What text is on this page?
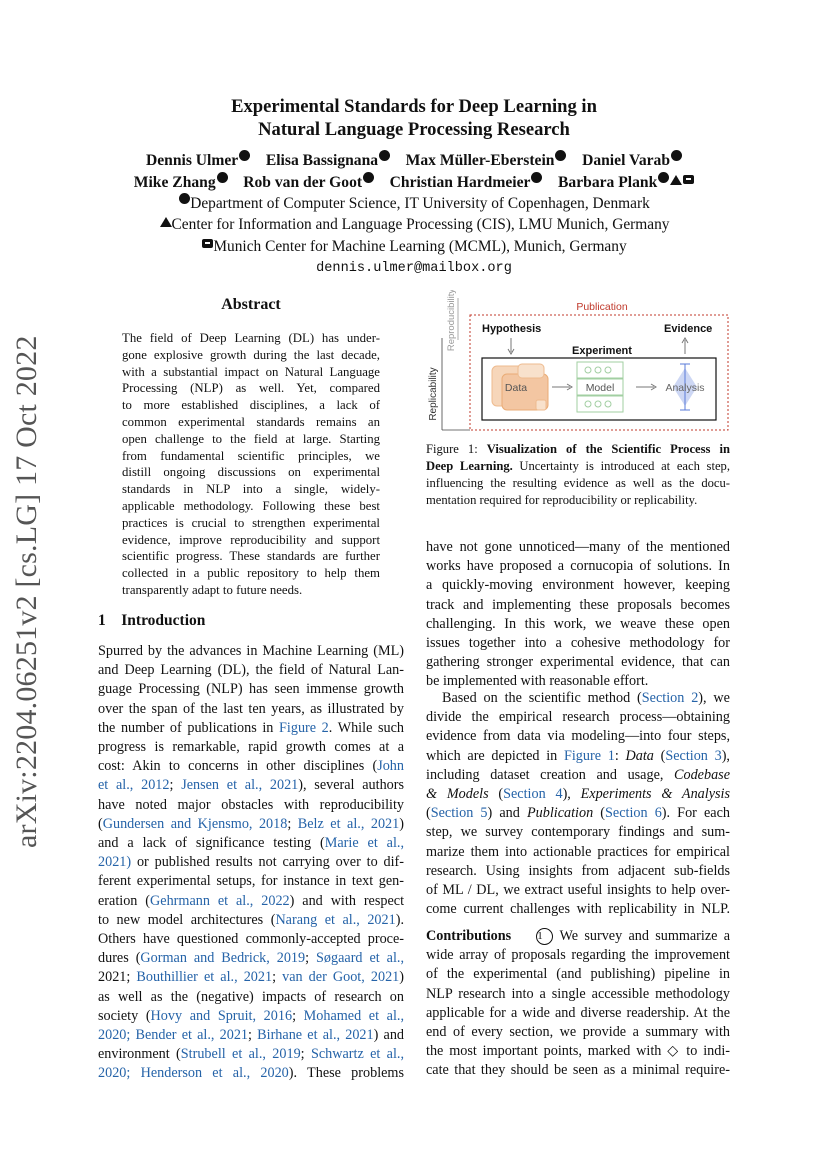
arXiv:2204.06251v2 [cs.LG] 17 Oct 2022
Experimental Standards for Deep Learning in
Natural Language Processing Research
Dennis Ulmer Elisa Bassignana Max Müller-Eberstein Daniel Varab
Mike Zhang Rob van der Goot Christian Hardmeier Barbara Plank
Department of Computer Science, IT University of Copenhagen, Denmark
Center for Information and Language Processing (CIS), LMU Munich, Germany
Munich Center for Machine Learning (MCML), Munich, Germany
dennis.ulmer@mailbox.org
Abstract
The field of Deep Learning (DL) has under-
gone explosive growth during the last decade,
with a substantial impact on Natural Language
Processing (NLP) as well. Yet, compared
to more established disciplines, a lack of
common experimental standards remains an
open challenge to the field at large. Starting
from fundamental scientific principles, we
distill ongoing discussions on experimental
standards in NLP into a single, widely-
applicable methodology. Following these best
practices is crucial to strengthen experimental
evidence, improve reproducibility and support
scientific progress. These standards are further
collected in a public repository to help them
transparently adapt to future needs.
1 Introduction
Spurred by the advances in Machine Learning (ML)
and Deep Learning (DL), the field of Natural Lan-
guage Processing (NLP) has seen immense growth
over the span of the last ten years, as illustrated by
the number of publications in Figure 2. While such
progress is remarkable, rapid growth comes at a
cost: Akin to concerns in other disciplines (John
et al., 2012; Jensen et al., 2021), several authors
have noted major obstacles with reproducibility
(Gundersen and Kjensmo, 2018; Belz et al., 2021)
and a lack of significance testing (Marie et al.,
2021) or published results not carrying over to dif-
ferent experimental setups, for instance in text gen-
eration (Gehrmann et al., 2022) and with respect
to new model architectures (Narang et al., 2021).
Others have questioned commonly-accepted proce-
dures (Gorman and Bedrick, 2019; Søgaard et al.,
2021; Bouthillier et al., 2021; van der Goot, 2021)
as well as the (negative) impacts of research on
society (Hovy and Spruit, 2016; Mohamed et al.,
2020; Bender et al., 2021; Birhane et al., 2021) and
environment (Strubell et al., 2019; Schwartz et al.,
2020; Henderson et al., 2020). These problems
Replicability
Reproducibility	Publication
Hypothesis	Evidence
Experiment
Data	Model	Analysis
Figure 1: Visualization of the Scientific Process in
Deep Learning. Uncertainty is introduced at each step,
influencing the resulting evidence as well as the docu-
mentation required for reproducibility or replicability.
have not gone unnoticed—many of the mentioned
works have proposed a cornucopia of solutions. In
a quickly-moving environment however, keeping
track and implementing these proposals becomes
challenging. In this work, we weave these open
issues together into a cohesive methodology for
gathering stronger experimental evidence, that can
be implemented with reasonable effort.
Based on the scientific method (Section 2), we
divide the empirical research process—obtaining
evidence from data via modeling—into four steps,
which are depicted in Figure 1: Data (Section 3),
including dataset creation and usage, Codebase
& Models (Section 4), Experiments & Analysis
(Section 5) and Publication (Section 6). For each
step, we survey contemporary findings and sum-
marize them into actionable practices for empirical
research. Using insights from adjacent sub-fields
of ML / DL, we extract useful insights to help over-
come current challenges with replicability in NLP.
Contributions 1 We survey and summarize a
wide array of proposals regarding the improvement
of the experimental (and publishing) pipeline in
NLP research into a single accessible methodology
applicable for a wide and diverse readership. At the
end of every section, we provide a summary with
the most important points, marked with ◇ to indi-
cate that they should be seen as a minimal require-
